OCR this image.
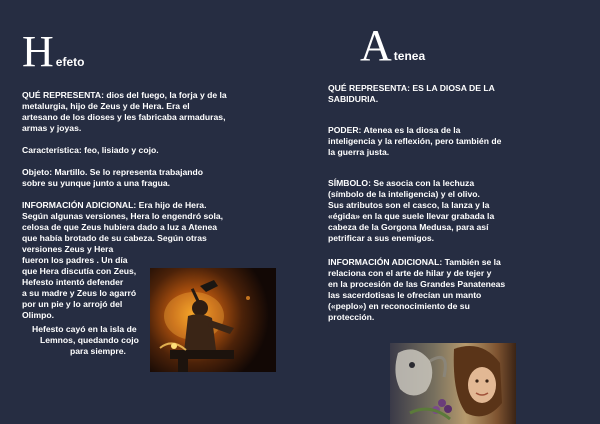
H efeto

QUÉ REPRESENTA: dios del fuego, la forja y de la

metalurgia, hijo de Zeus y de Hera. Era el

artesano de los dioses y les fabricaba armaduras,

armas y joyas.

Característica: feo, lisiado y cojo.

Objeto: Martillo. Se lo representa trabajando

sobre su yunque junto a una fragua.

INFORMACIÓN ADICIONAL: Era hijo de Hera.

Según algunas versiones, Hera lo engendró sola,

celosa de que Zeus hubiera dado a luz a Atenea

que había brotado de su cabeza. Según otras

versiones Zeus y Hera

fueron los padres . Un día

que Hera discutía con Zeus,

Hefesto intentó defender

a su madre y Zeus lo agarró

por un pie y lo arrojó del

Olimpo.

Hefesto cayó en la isla de

Lemnos, quedando cojo

para siempre.

A tenea

QUÉ REPRESENTA: ES LA DIOSA DE LA

SABIDURIA.

PODER: Atenea es la diosa de la

inteligencia y la reflexión, pero también de

la guerra justa.

SÍMBOLO: Se asocia con la lechuza

(símbolo de la inteligencia) y el olivo.

Sus atributos son el casco, la lanza y la

«égida» en la que suele llevar grabada la

cabeza de la Gorgona Medusa, para así

petrificar a sus enemigos.

INFORMACIÓN ADICIONAL: También se la

relaciona con el arte de hilar y de tejer y

en la procesión de las Grandes Panateneas

las sacerdotisas le ofrecían un manto

(«peplo») en reconocimiento de su

protección.
